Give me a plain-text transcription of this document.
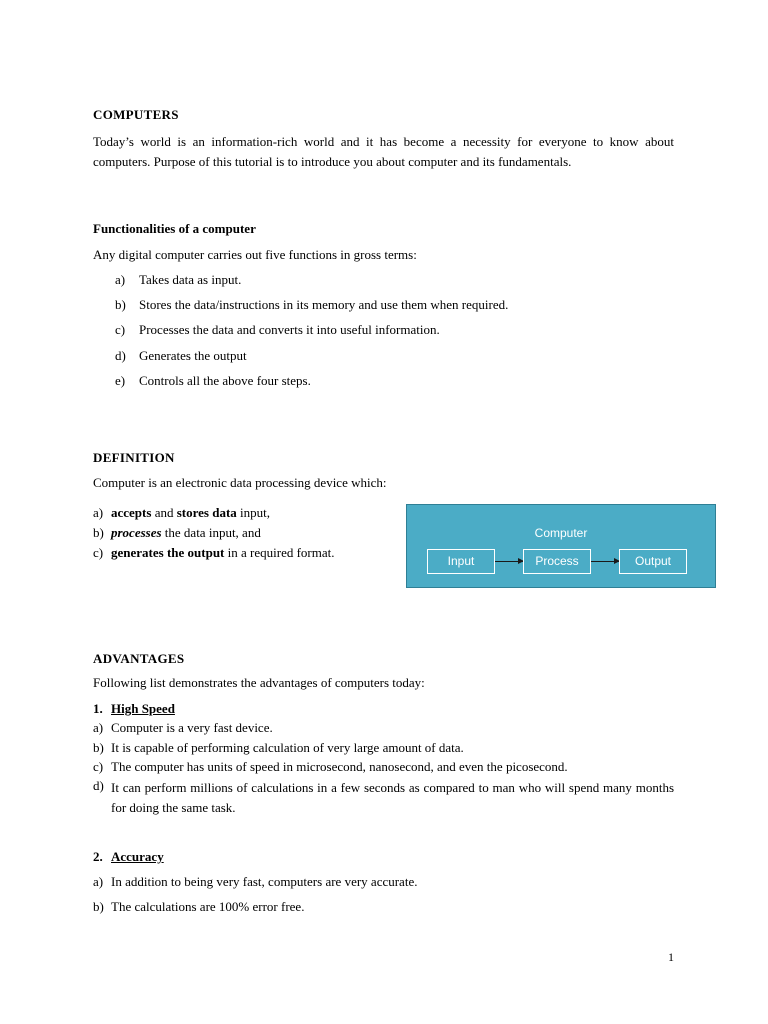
COMPUTERS

Today’s world is an information-rich world and it has become a necessity for everyone to know about computers. Purpose of this tutorial is to introduce you about computer and its fundamentals.

Functionalities of a computer
Any digital computer carries out five functions in gross terms:
a) Takes data as input.
b) Stores the data/instructions in its memory and use them when required.
c) Processes the data and converts it into useful information.
d) Generates the output
e) Controls all the above four steps.
DEFINITION
Computer is an electronic data processing device which:
a) accepts and stores data input,
b) processes the data input, and
c) generates the output in a required format.
ADVANTAGES
Following list demonstrates the advantages of computers today:
1. High Speed
a) Computer is a very fast device.
b) It is capable of performing calculation of very large amount of data.
c) The computer has units of speed in microsecond, nanosecond, and even the picosecond.
d) It can perform millions of calculations in a few seconds as compared to man who will spend many months for doing the same task.
2. Accuracy
a) In addition to being very fast, computers are very accurate.
b) The calculations are 100% error free.
Computer
Input	Process	Output
1
